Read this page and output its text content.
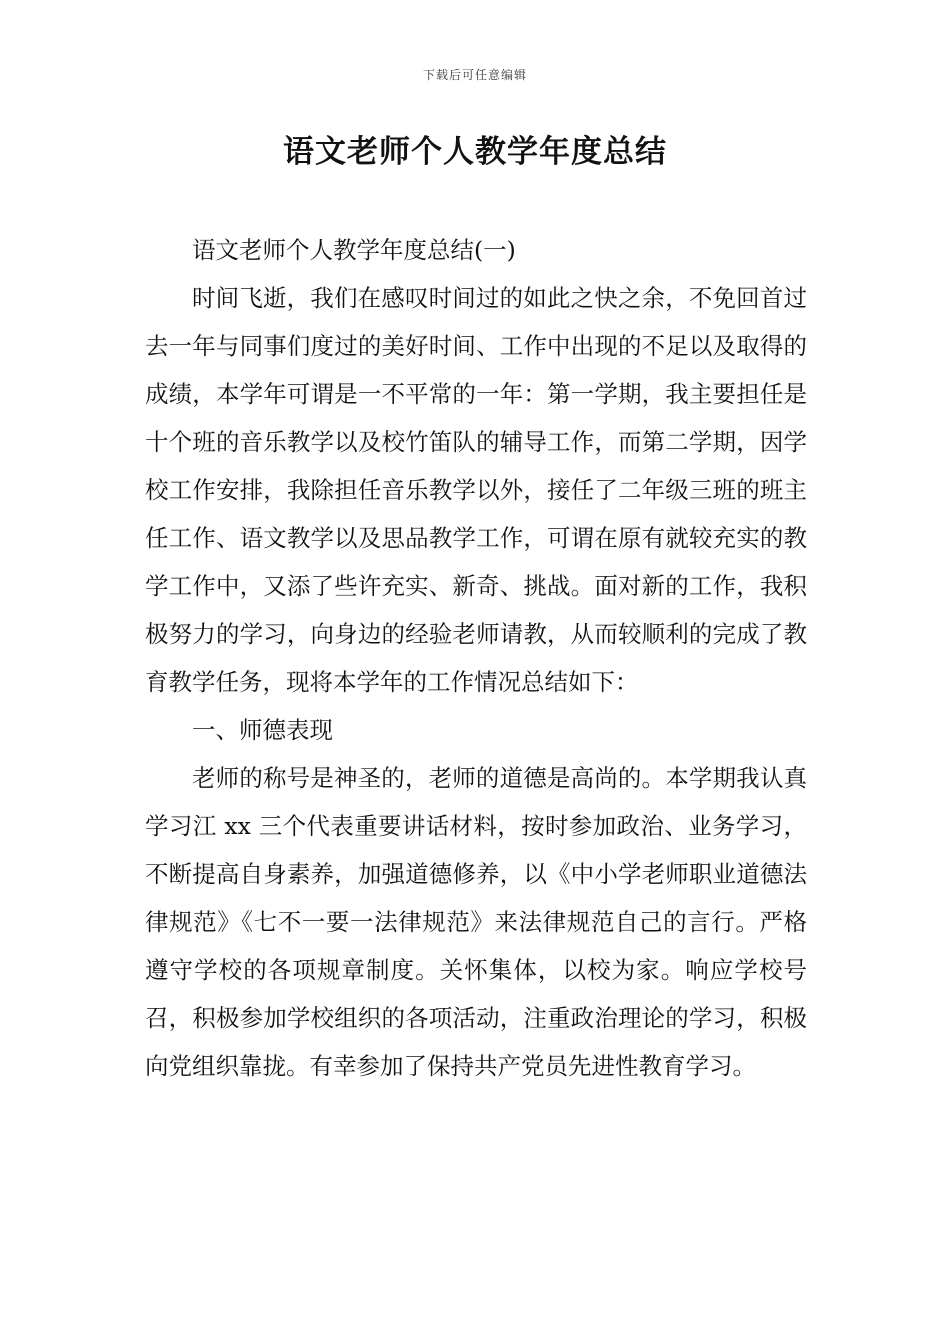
下载后可任意编辑
语文老师个人教学年度总结

语文老师个人教学年度总结(一)

时间飞逝，我们在感叹时间过的如此之快之余，不免回首过去一年与同事们度过的美好时间、工作中出现的不足以及取得的成绩，本学年可谓是一不平常的一年：第一学期，我主要担任是十个班的音乐教学以及校竹笛队的辅导工作，而第二学期，因学校工作安排，我除担任音乐教学以外，接任了二年级三班的班主任工作、语文教学以及思品教学工作，可谓在原有就较充实的教学工作中，又添了些许充实、新奇、挑战。面对新的工作，我积极努力的学习，向身边的经验老师请教，从而较顺利的完成了教育教学任务，现将本学年的工作情况总结如下：

一、师德表现

老师的称号是神圣的，老师的道德是高尚的。本学期我认真学习江 xx 三个代表重要讲话材料，按时参加政治、业务学习，不断提高自身素养，加强道德修养，以《中小学老师职业道德法律规范》《七不一要一法律规范》来法律规范自己的言行。严格遵守学校的各项规章制度。关怀集体，以校为家。响应学校号召，积极参加学校组织的各项活动，注重政治理论的学习，积极向党组织靠拢。有幸参加了保持共产党员先进性教育学习。
